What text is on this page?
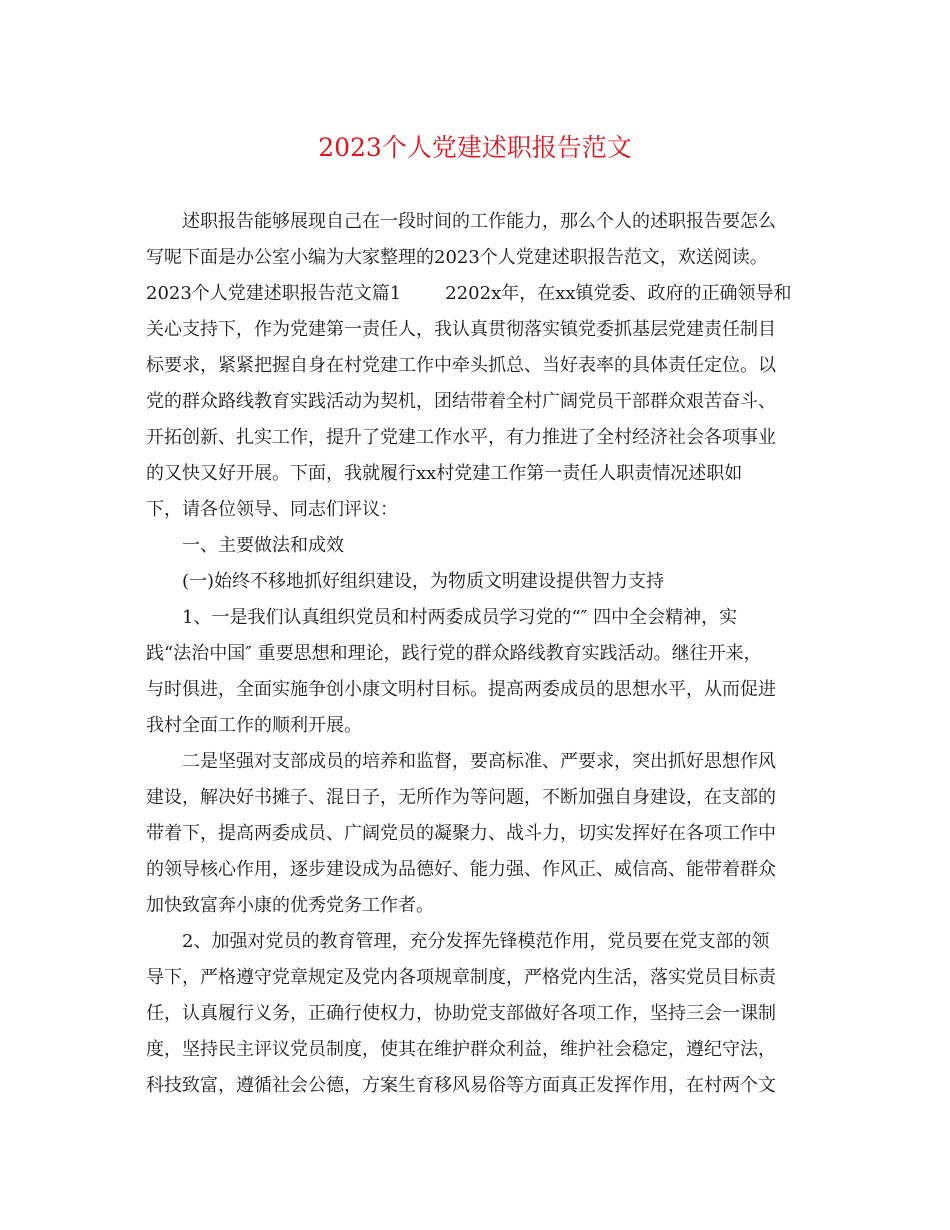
2023个人党建述职报告范文

述职报告能够展现自己在一段时间的工作能力，那么个人的述职报告要怎么

写呢下面是办公室小编为大家整理的2023个人党建述职报告范文，欢送阅读。

2023个人党建述职报告范文篇1 2202x年，在xx镇党委、政府的正确领导和

关心支持下，作为党建第一责任人，我认真贯彻落实镇党委抓基层党建责任制目

标要求，紧紧把握自身在村党建工作中牵头抓总、当好表率的具体责任定位。以

党的群众路线教育实践活动为契机，团结带着全村广阔党员干部群众艰苦奋斗、

开拓创新、扎实工作，提升了党建工作水平，有力推进了全村经济社会各项事业

的又快又好开展。下面，我就履行xx村党建工作第一责任人职责情况述职如

下，请各位领导、同志们评议：

一、主要做法和成效

(一)始终不移地抓好组织建设，为物质文明建设提供智力支持

1、一是我们认真组织党员和村两委成员学习党的“″ 四中全会精神，实

践“法治中国″ 重要思想和理论，践行党的群众路线教育实践活动。继往开来，

与时俱进，全面实施争创小康文明村目标。提高两委成员的思想水平，从而促进

我村全面工作的顺利开展。

二是坚强对支部成员的培养和监督，要高标准、严要求，突出抓好思想作风

建设，解决好书摊子、混日子，无所作为等问题，不断加强自身建设，在支部的

带着下，提高两委成员、广阔党员的凝聚力、战斗力，切实发挥好在各项工作中

的领导核心作用，逐步建设成为品德好、能力强、作风正、威信高、能带着群众

加快致富奔小康的优秀党务工作者。

2、加强对党员的教育管理，充分发挥先锋模范作用，党员要在党支部的领

导下，严格遵守党章规定及党内各项规章制度，严格党内生活，落实党员目标责

任，认真履行义务，正确行使权力，协助党支部做好各项工作，坚持三会一课制

度，坚持民主评议党员制度，使其在维护群众利益，维护社会稳定，遵纪守法，

科技致富，遵循社会公德，方案生育移风易俗等方面真正发挥作用，在村两个文
